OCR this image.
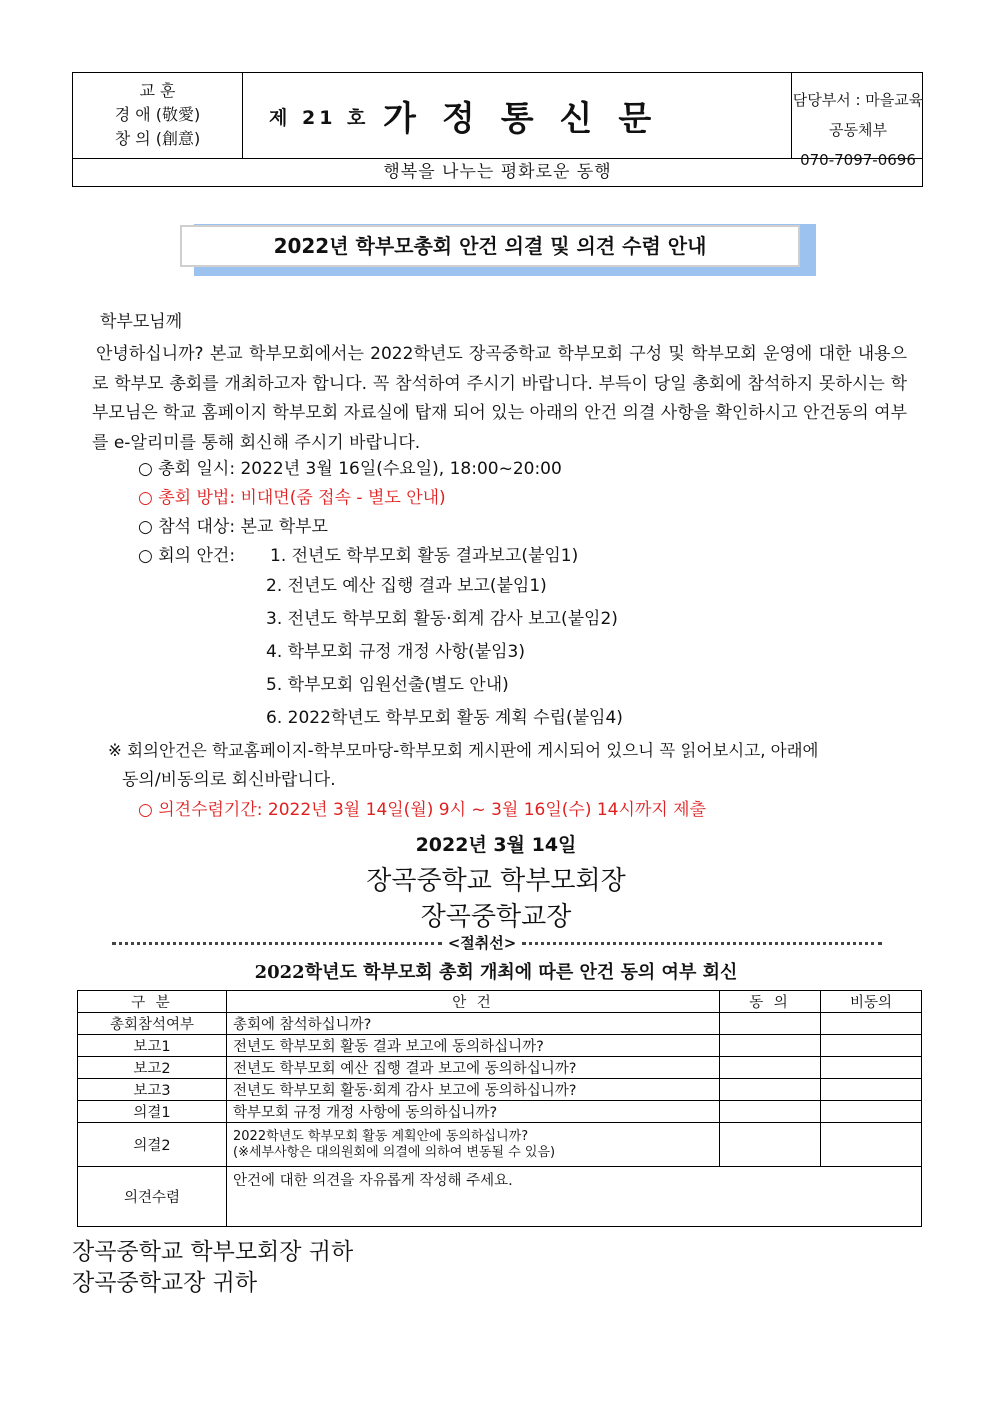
교 훈
경 애 (敬愛)
창 의 (創意)
제 21 호 가정통신문	담당부서 : 마을교육공동체부
070-7097-0696
행복을 나누는 평화로운 동행
2022년 학부모총회 안건 의결 및 의견 수렴 안내
학부모님께
안녕하십니까? 본교 학부모회에서는 2022학년도 장곡중학교 학부모회 구성 및 학부모회 운영에 대한 내용으로 학부모 총회를 개최하고자 합니다. 꼭 참석하여 주시기 바랍니다. 부득이 당일 총회에 참석하지 못하시는 학부모님은 학교 홈페이지 학부모회 자료실에 탑재 되어 있는 아래의 안건 의결 사항을 확인하시고 안건동의 여부를 e-알리미를 통해 회신해 주시기 바랍니다.
○ 총회 일시: 2022년 3월 16일(수요일), 18:00~20:00
○ 총회 방법: 비대면(줌 접속 - 별도 안내)
○ 참석 대상: 본교 학부모
○ 회의 안건: 1. 전년도 학부모회 활동 결과보고(붙임1)
2. 전년도 예산 집행 결과 보고(붙임1)
3. 전년도 학부모회 활동·회계 감사 보고(붙임2)
4. 학부모회 규정 개정 사항(붙임3)
5. 학부모회 임원선출(별도 안내)
6. 2022학년도 학부모회 활동 계획 수립(붙임4)
※ 회의안건은 학교홈페이지-학부모마당-학부모회 게시판에 게시되어 있으니 꼭 읽어보시고, 아래에
동의/비동의로 회신바랍니다.
○ 의견수렴기간: 2022년 3월 14일(월) 9시 ~ 3월 16일(수) 14시까지 제출
2022년 3월 14일
장곡중학교 학부모회장
장곡중학교장
<절취선>
2022학년도 학부모회 총회 개최에 따른 안건 동의 여부 회신
구 분	안 건	동 의	비동의
총회참석여부	총회에 참석하십니까?		
보고1	전년도 학부모회 활동 결과 보고에 동의하십니까?		
보고2	전년도 학부모회 예산 집행 결과 보고에 동의하십니까?		
보고3	전년도 학부모회 활동·회계 감사 보고에 동의하십니까?		
의결1	학부모회 규정 개정 사항에 동의하십니까?		
의결2	2022학년도 학부모회 활동 계획안에 동의하십니까?
(※세부사항은 대의원회에 의결에 의하여 변동될 수 있음)		

의견수렴	안건에 대한 의견을 자유롭게 작성해 주세요.		
장곡중학교 학부모회장 귀하
장곡중학교장 귀하
